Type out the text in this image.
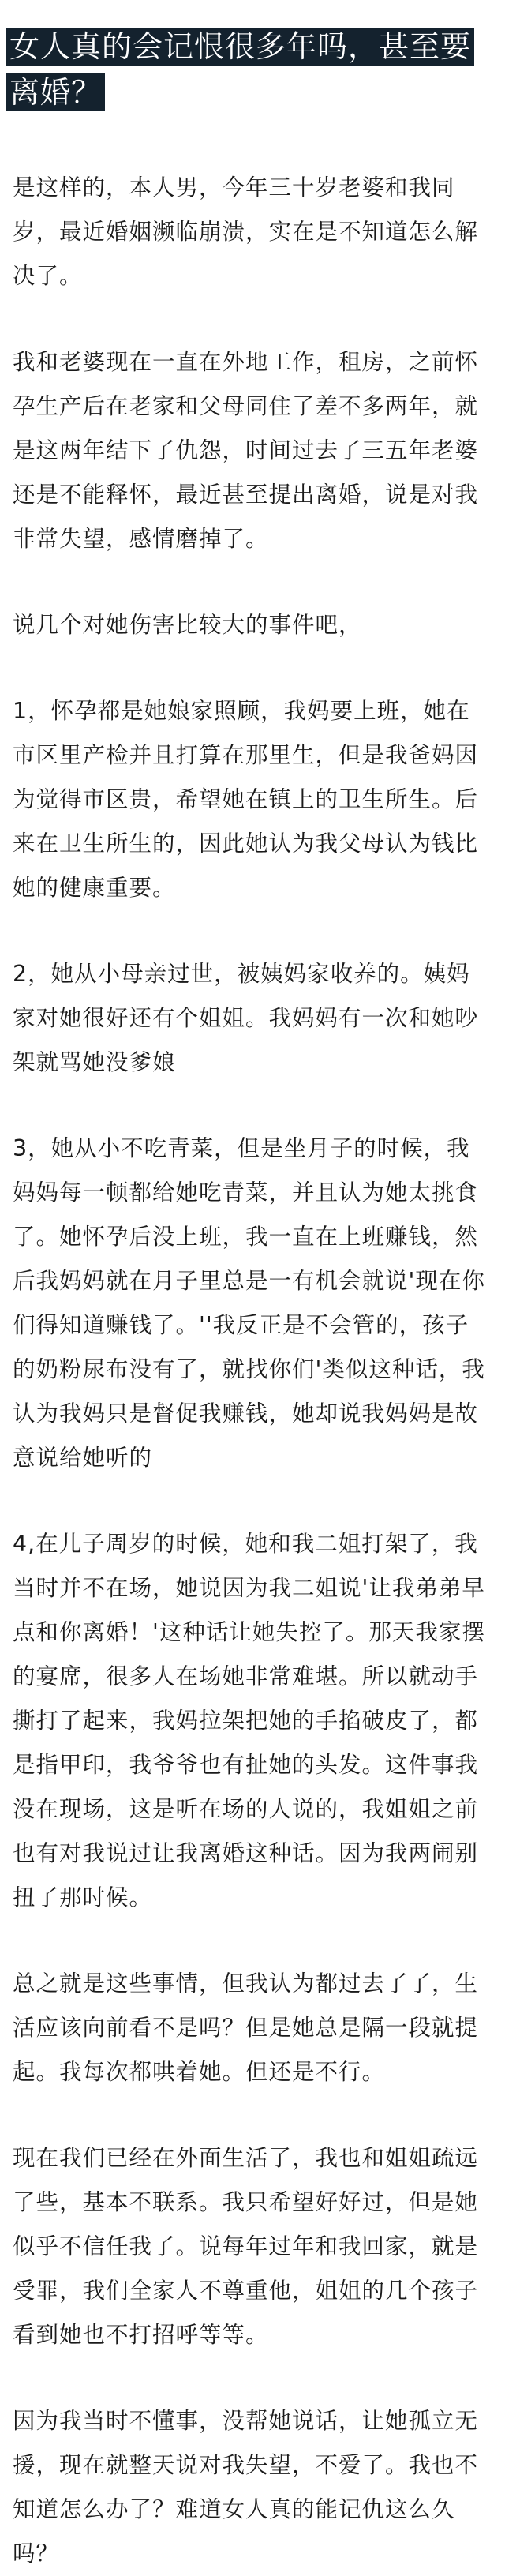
女人真的会记恨很多年吗，甚至要离婚？

是这样的，本人男，今年三十岁老婆和我同岁，最近婚姻濒临崩溃，实在是不知道怎么解决了。

我和老婆现在一直在外地工作，租房，之前怀孕生产后在老家和父母同住了差不多两年，就是这两年结下了仇怨，时间过去了三五年老婆还是不能释怀，最近甚至提出离婚，说是对我非常失望，感情磨掉了。

说几个对她伤害比较大的事件吧，

1，怀孕都是她娘家照顾，我妈要上班，她在市区里产检并且打算在那里生，但是我爸妈因为觉得市区贵，希望她在镇上的卫生所生。后来在卫生所生的，因此她认为我父母认为钱比她的健康重要。

2，她从小母亲过世，被姨妈家收养的。姨妈家对她很好还有个姐姐。我妈妈有一次和她吵架就骂她没爹娘

3，她从小不吃青菜，但是坐月子的时候，我妈妈每一顿都给她吃青菜，并且认为她太挑食了。她怀孕后没上班，我一直在上班赚钱，然后我妈妈就在月子里总是一有机会就说'现在你们得知道赚钱了。''我反正是不会管的，孩子的奶粉尿布没有了，就找你们'类似这种话，我认为我妈只是督促我赚钱，她却说我妈妈是故意说给她听的

4,在儿子周岁的时候，她和我二姐打架了，我当时并不在场，她说因为我二姐说'让我弟弟早点和你离婚！'这种话让她失控了。那天我家摆的宴席，很多人在场她非常难堪。所以就动手撕打了起来，我妈拉架把她的手掐破皮了，都是指甲印，我爷爷也有扯她的头发。这件事我没在现场，这是听在场的人说的，我姐姐之前也有对我说过让我离婚这种话。因为我两闹别扭了那时候。

总之就是这些事情，但我认为都过去了了，生活应该向前看不是吗？但是她总是隔一段就提起。我每次都哄着她。但还是不行。

现在我们已经在外面生活了，我也和姐姐疏远了些，基本不联系。我只希望好好过，但是她似乎不信任我了。说每年过年和我回家，就是受罪，我们全家人不尊重他，姐姐的几个孩子看到她也不打招呼等等。

因为我当时不懂事，没帮她说话，让她孤立无援，现在就整天说对我失望，不爱了。我也不知道怎么办了？难道女人真的能记仇这么久吗？
